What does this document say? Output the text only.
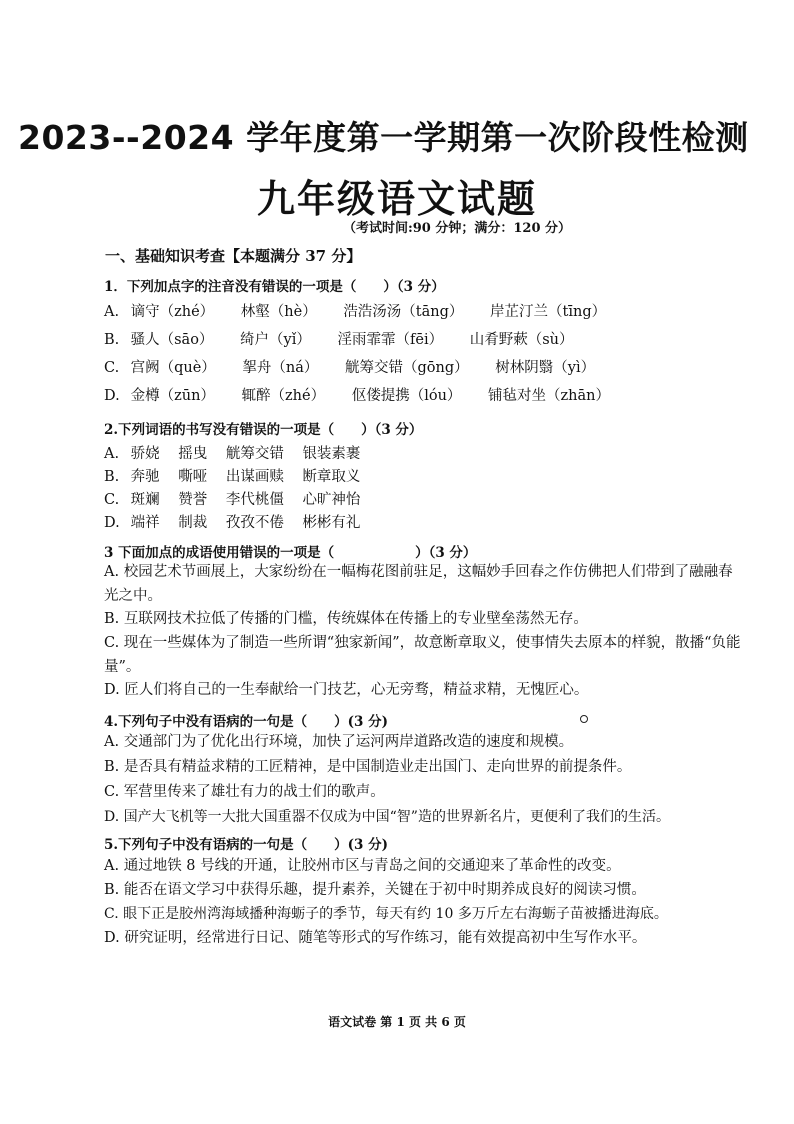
2023--2024 学年度第一学期第一次阶段性检测
九年级语文试题
（考试时间:90 分钟；满分：120 分）
一、基础知识考查【本题满分 37 分】
1．下列加点字的注音没有错误的一项是（　　）（3 分）
A. 谪守（zhé） 林壑（hè） 浩浩汤汤（tāng） 岸芷汀兰（tīng）
B. 骚人（sāo） 绮户（yǐ） 淫雨霏霏（fēi） 山肴野蔌（sù）
C. 宫阙（què） 挐舟（ná） 觥筹交错（gōng） 树林阴翳（yì）
D. 金樽（zūn） 辄醉（zhé） 伛偻提携（lóu） 铺毡对坐（zhān）
2.下列词语的书写没有错误的一项是（　　）（3 分）
A. 骄娆 摇曳 觥筹交错 银装素裹
B. 奔驰 嘶哑 出谋画赎 断章取义
C. 斑斓 赞誉 李代桃僵 心旷神怡
D. 端祥 制裁 孜孜不倦 彬彬有礼
3 下面加点的成语使用错误的一项是（　　　　　　）（3 分）
A. 校园艺术节画展上，大家纷纷在一幅梅花图前驻足，这幅妙手回春之作仿佛把人们带到了融融春光之中。
B. 互联网技术拉低了传播的门槛，传统媒体在传播上的专业壁垒荡然无存。
C. 现在一些媒体为了制造一些所谓“独家新闻”，故意断章取义，使事情失去原本的样貌，散播“负能量”。
D. 匠人们将自己的一生奉献给一门技艺，心无旁骛，精益求精，无愧匠心。
4.下列句子中没有语病的一句是（　　）(3 分)
A. 交通部门为了优化出行环境，加快了运河两岸道路改造的速度和规模。
B. 是否具有精益求精的工匠精神，是中国制造业走出国门、走向世界的前提条件。
C. 军营里传来了雄壮有力的战士们的歌声。
D. 国产大飞机等一大批大国重器不仅成为中国“智”造的世界新名片，更便利了我们的生活。
5.下列句子中没有语病的一句是（　　）(3 分)
A. 通过地铁 8 号线的开通，让胶州市区与青岛之间的交通迎来了革命性的改变。
B. 能否在语文学习中获得乐趣，提升素养，关键在于初中时期养成良好的阅读习惯。
C. 眼下正是胶州湾海域播种海蛎子的季节，每天有约 10 多万斤左右海蛎子苗被播进海底。
D. 研究证明，经常进行日记、随笔等形式的写作练习，能有效提高初中生写作水平。
语文试卷 第 1 页 共 6 页
